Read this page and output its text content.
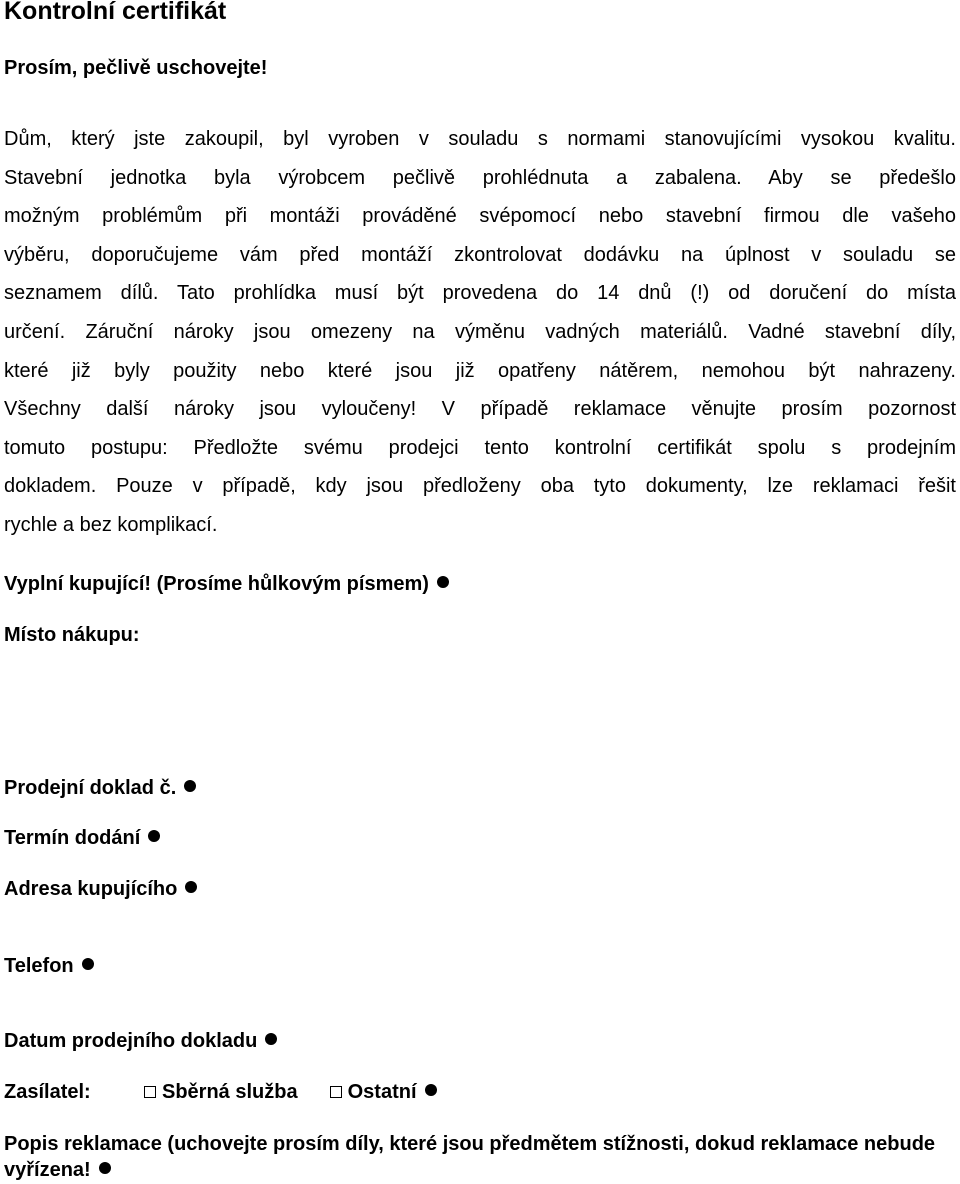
Kontrolní certifikát
Prosím, pečlivě uschovejte!
Dům, který jste zakoupil, byl vyroben v souladu s normami stanovujícími vysokou kvalitu.
Stavební jednotka byla výrobcem pečlivě prohlédnuta a zabalena. Aby se předešlo
možným problémům při montáži prováděné svépomocí nebo stavební firmou dle vašeho
výběru, doporučujeme vám před montáží zkontrolovat dodávku na úplnost v souladu se
seznamem dílů. Tato prohlídka musí být provedena do 14 dnů (!) od doručení do místa
určení. Záruční nároky jsou omezeny na výměnu vadných materiálů. Vadné stavební díly,
které již byly použity nebo které jsou již opatřeny nátěrem, nemohou být nahrazeny.
Všechny další nároky jsou vyloučeny! V případě reklamace věnujte prosím pozornost
tomuto postupu: Předložte svému prodejci tento kontrolní certifikát spolu s prodejním
dokladem. Pouze v případě, kdy jsou předloženy oba tyto dokumenty, lze reklamaci řešit
rychle a bez komplikací.
Vyplní kupující! (Prosíme hůlkovým písmem)
Místo nákupu:
Prodejní doklad č.
Termín dodání
Adresa kupujícího
Telefon
Datum prodejního dokladu
Zasílatel:	Sběrná služba	Ostatní
Popis reklamace (uchovejte prosím díly, které jsou předmětem stížnosti, dokud reklamace nebude vyřízena!
